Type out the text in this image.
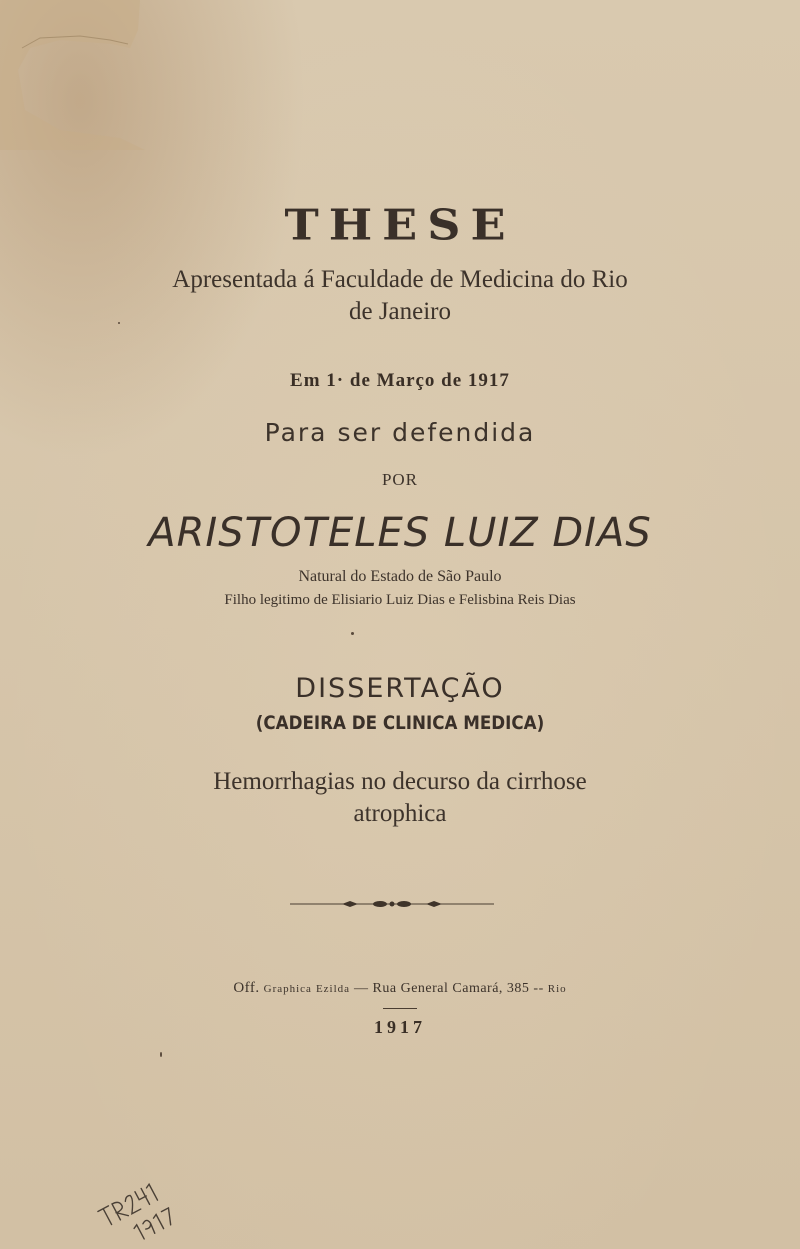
THESE
Apresentada á Faculdade de Medicina do Rio
de Janeiro
Em 1· de Março de 1917
Para ser defendida
POR
ARISTOTELES LUIZ DIAS
Natural do Estado de São Paulo
Filho legitimo de Elisiario Luiz Dias e Felisbina Reis Dias
DISSERTAÇÃO
(CADEIRA DE CLINICA MEDICA)
Hemorrhagias no decurso da cirrhose
atrophica
Off. Graphica Ezilda — Rua General Camará, 385 -- Rio
1917
